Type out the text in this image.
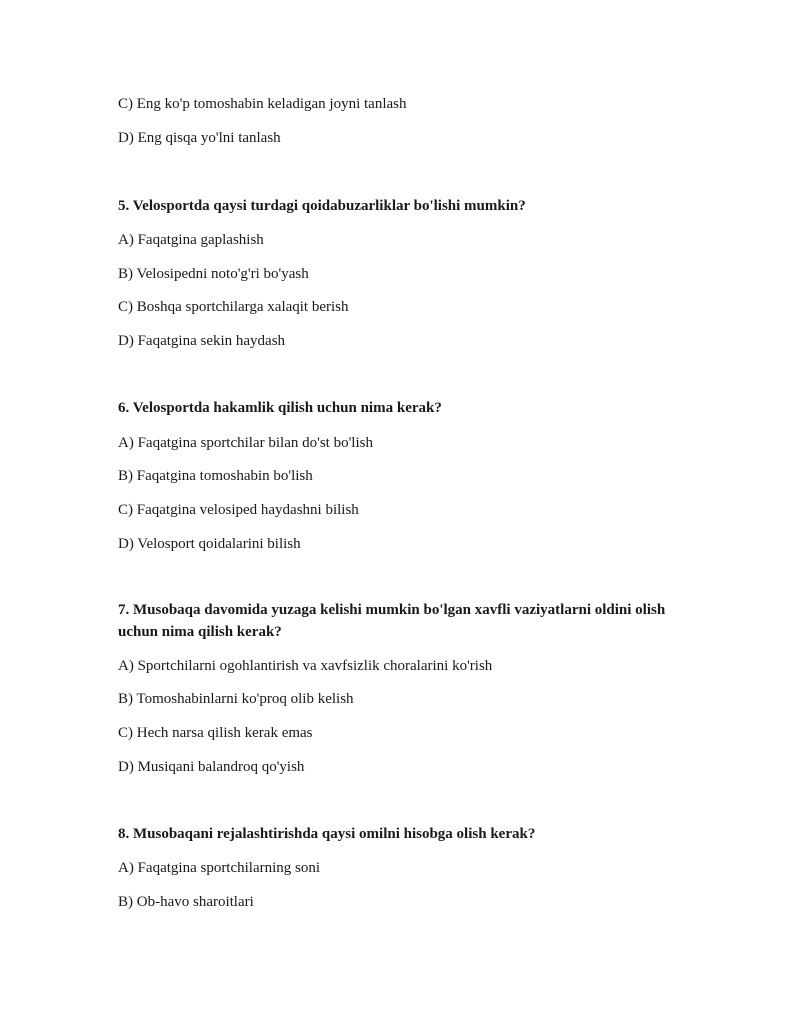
C) Eng ko'p tomoshabin keladigan joyni tanlash
D) Eng qisqa yo'lni tanlash
5. Velosportda qaysi turdagi qoidabuzarliklar bo'lishi mumkin?
A) Faqatgina gaplashish
B) Velosipedni noto'g'ri bo'yash
C) Boshqa sportchilarga xalaqit berish
D) Faqatgina sekin haydash
6. Velosportda hakamlik qilish uchun nima kerak?
A) Faqatgina sportchilar bilan do'st bo'lish
B) Faqatgina tomoshabin bo'lish
C) Faqatgina velosiped haydashni bilish
D) Velosport qoidalarini bilish
7. Musobaqa davomida yuzaga kelishi mumkin bo'lgan xavfli vaziyatlarni oldini olish uchun nima qilish kerak?
A) Sportchilarni ogohlantirish va xavfsizlik choralarini ko'rish
B) Tomoshabinlarni ko'proq olib kelish
C) Hech narsa qilish kerak emas
D) Musiqani balandroq qo'yish
8. Musobaqani rejalashtirishda qaysi omilni hisobga olish kerak?
A) Faqatgina sportchilarning soni
B) Ob-havo sharoitlari
